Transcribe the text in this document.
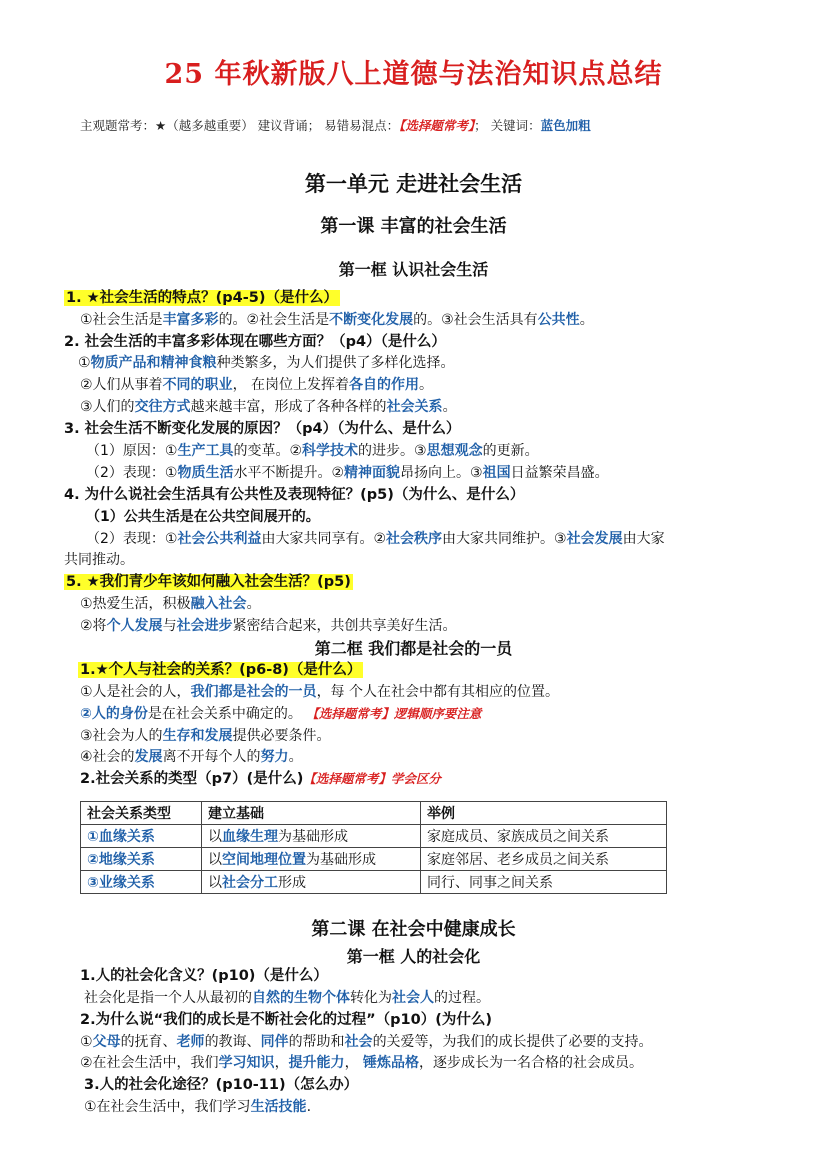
25 年秋新版八上道德与法治知识点总结
主观题常考：★（越多越重要） 建议背诵； 易错易混点：【选择题常考】； 关键词：蓝色加粗
第一单元 走进社会生活
第一课 丰富的社会生活
第一框 认识社会生活
1. ★社会生活的特点？(p4-5)（是什么）
①社会生活是丰富多彩的。②社会生活是不断变化发展的。③社会生活具有公共性。
2. 社会生活的丰富多彩体现在哪些方面？（p4）（是什么）
①物质产品和精神食粮种类繁多，为人们提供了多样化选择。
②人们从事着不同的职业， 在岗位上发挥着各自的作用。
③人们的交往方式越来越丰富，形成了各种各样的社会关系。
3. 社会生活不断变化发展的原因？（p4）（为什么、是什么）
（1）原因：①生产工具的变革。②科学技术的进步。③思想观念的更新。
（2）表现：①物质生活水平不断提升。②精神面貌昂扬向上。③祖国日益繁荣昌盛。
4. 为什么说社会生活具有公共性及表现特征？(p5)（为什么、是什么）
（1）公共生活是在公共空间展开的。
（2）表现：①社会公共利益由大家共同享有。②社会秩序由大家共同维护。③社会发展由大家
共同推动。
5. ★我们青少年该如何融入社会生活？(p5)
①热爱生活，积极融入社会。
②将个人发展与社会进步紧密结合起来，共创共享美好生活。
第二框 我们都是社会的一员
1.★个人与社会的关系？(p6-8)（是什么）
①人是社会的人，我们都是社会的一员，每 个人在社会中都有其相应的位置。
②人的身份是在社会关系中确定的。 【选择题常考】逻辑顺序要注意
③社会为人的生存和发展提供必要条件。
④社会的发展离不开每个人的努力。
2.社会关系的类型（p7）(是什么)【选择题常考】学会区分
社会关系类型	建立基础	举例
①血缘关系	以血缘生理为基础形成	家庭成员、家族成员之间关系
②地缘关系	以空间地理位置为基础形成	家庭邻居、老乡成员之间关系
③业缘关系	以社会分工形成	同行、同事之间关系
第二课 在社会中健康成长
第一框 人的社会化
1.人的社会化含义？(p10)（是什么）
社会化是指一个人从最初的自然的生物个体转化为社会人的过程。
2.为什么说“我们的成长是不断社会化的过程”（p10）(为什么)
①父母的抚育、老师的教诲、同伴的帮助和社会的关爱等，为我们的成长提供了必要的支持。
②在社会生活中，我们学习知识，提升能力， 锤炼品格，逐步成长为一名合格的社会成员。
3.人的社会化途径？(p10-11)（怎么办）
①在社会生活中，我们学习生活技能.
